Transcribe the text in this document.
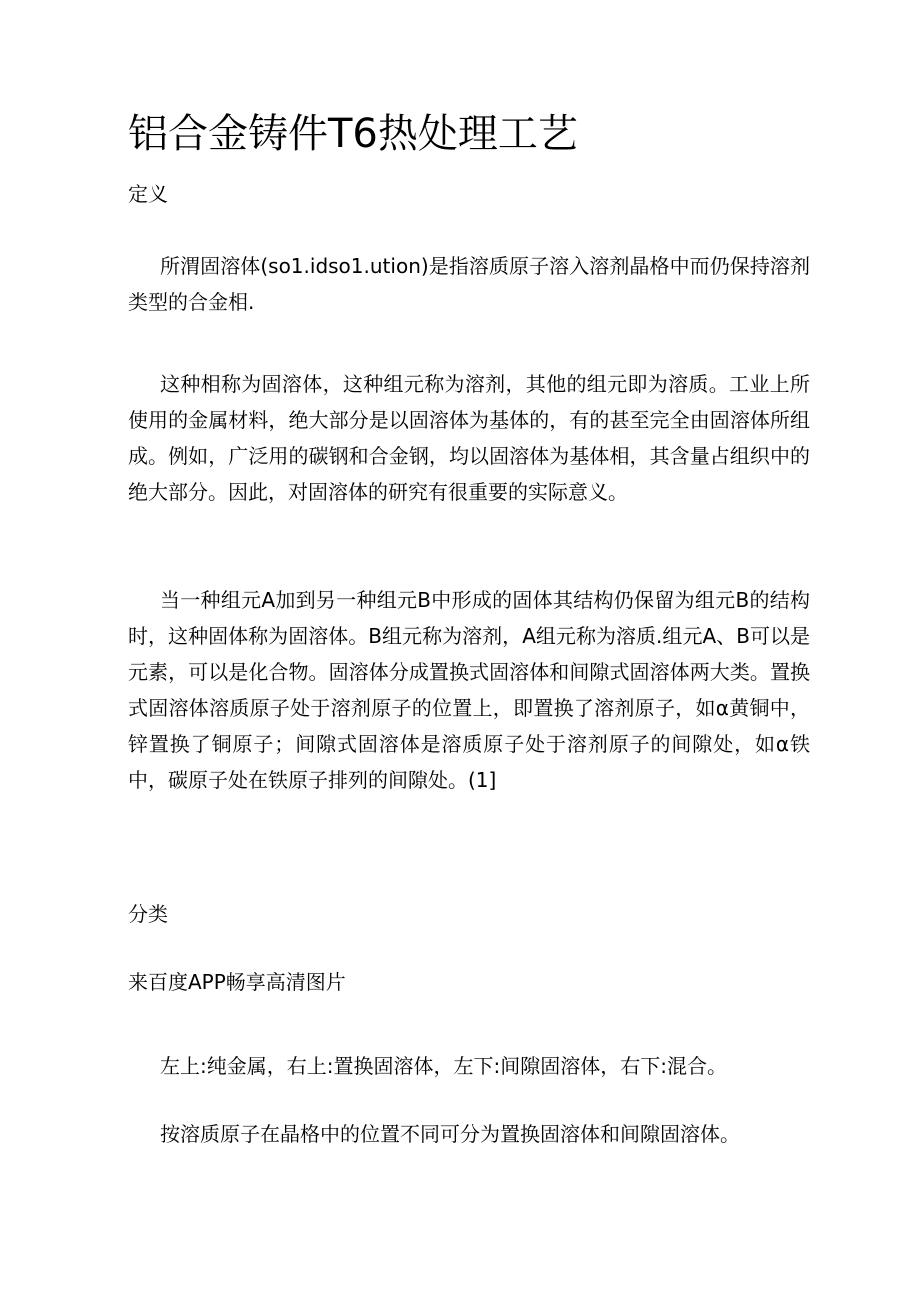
铝合金铸件T6热处理工艺
定义

所渭固溶体(so1.idso1.ution)是指溶质原子溶入溶剂晶格中而仍保持溶剂类型的合金相.

这种相称为固溶体，这种组元称为溶剂，其他的组元即为溶质。工业上所使用的金属材料，绝大部分是以固溶体为基体的，有的甚至完全由固溶体所组成。例如，广泛用的碳钢和合金钢，均以固溶体为基体相，其含量占组织中的绝大部分。因此，对固溶体的研究有很重要的实际意义。

当一种组元A加到另一种组元B中形成的固体其结构仍保留为组元B的结构时，这种固体称为固溶体。B组元称为溶剂，A组元称为溶质.组元A、B可以是元素，可以是化合物。固溶体分成置换式固溶体和间隙式固溶体两大类。置换式固溶体溶质原子处于溶剂原子的位置上，即置换了溶剂原子，如α黄铜中，锌置换了铜原子；间隙式固溶体是溶质原子处于溶剂原子的间隙处，如α铁中，碳原子处在铁原子排列的间隙处。(1]

分类

来百度APP畅享高清图片

左上:纯金属，右上:置换固溶体，左下:间隙固溶体，右下:混合。

按溶质原子在晶格中的位置不同可分为置换固溶体和间隙固溶体。
